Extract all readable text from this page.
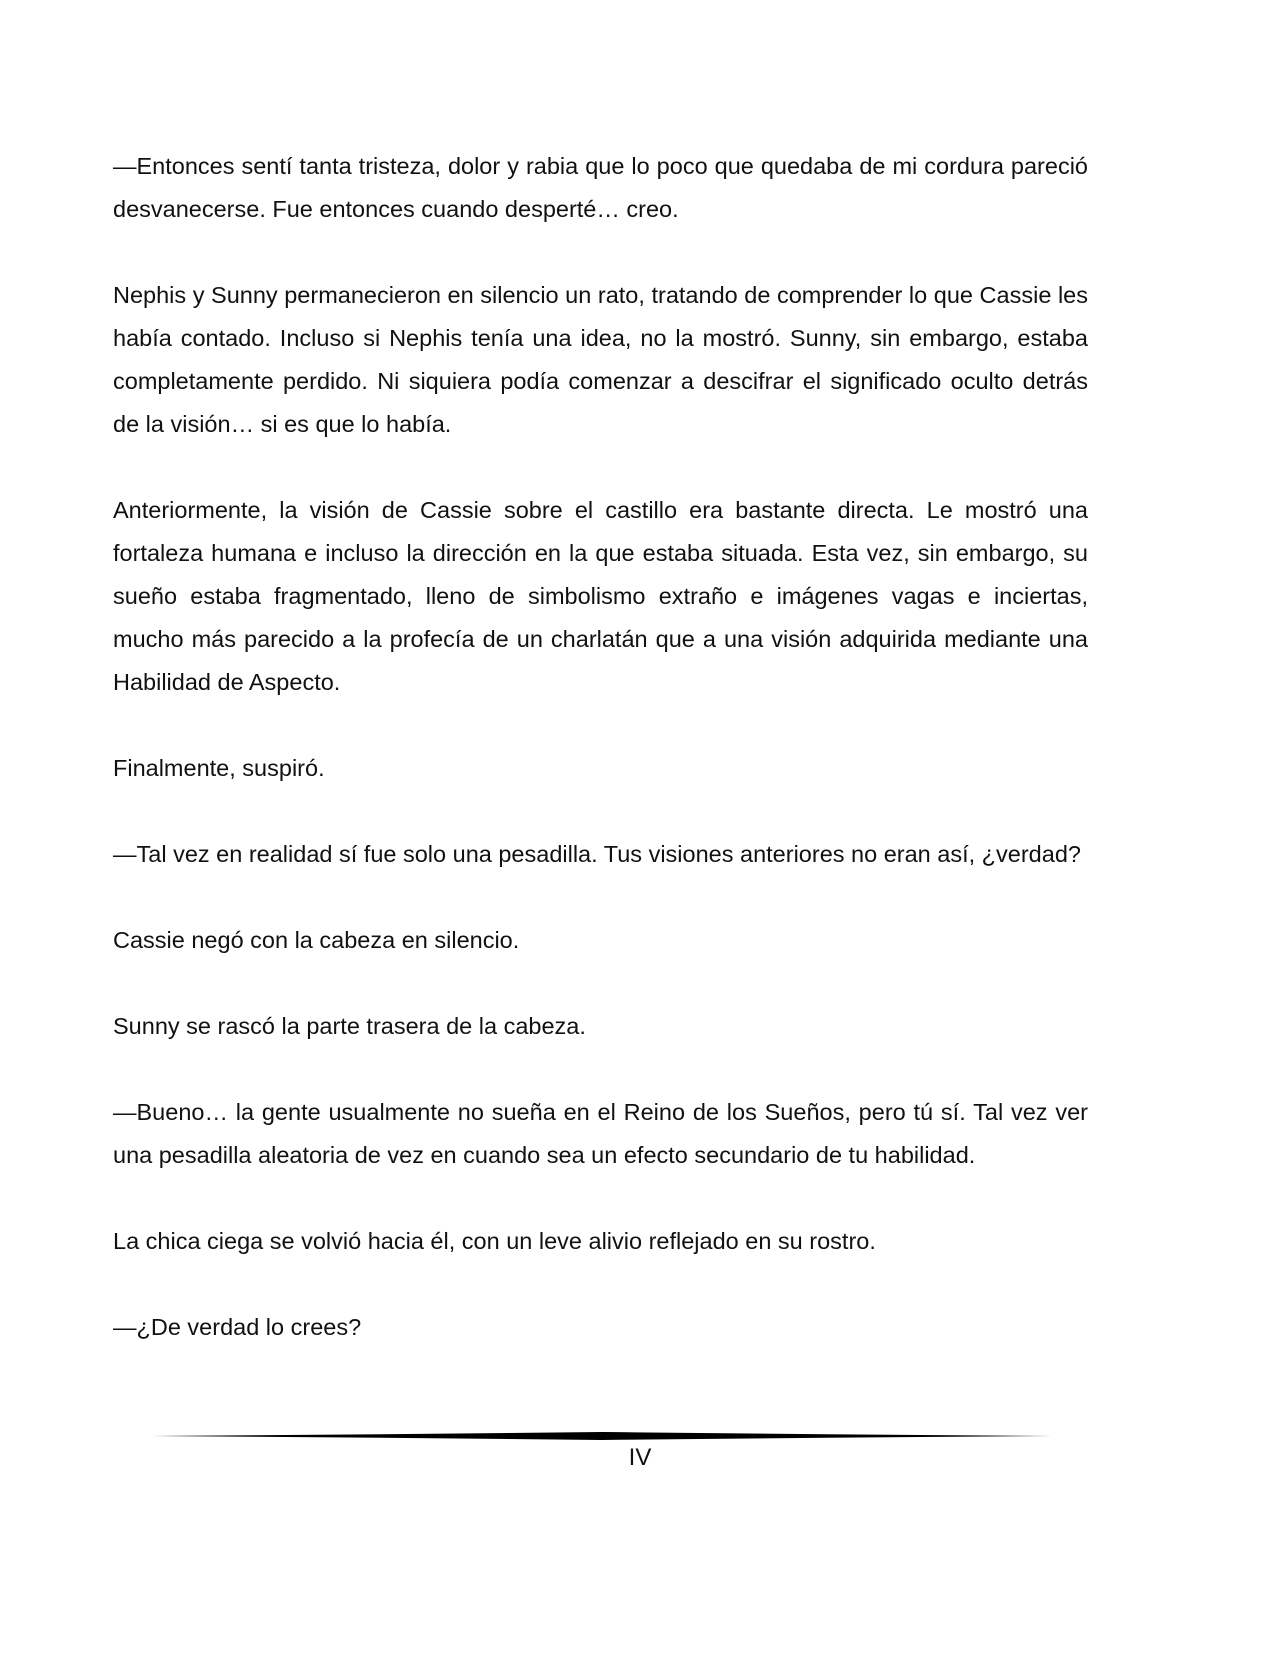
—Entonces sentí tanta tristeza, dolor y rabia que lo poco que quedaba de mi cordura pareció desvanecerse. Fue entonces cuando desperté… creo.

Nephis y Sunny permanecieron en silencio un rato, tratando de comprender lo que Cassie les había contado. Incluso si Nephis tenía una idea, no la mostró. Sunny, sin embargo, estaba completamente perdido. Ni siquiera podía comenzar a descifrar el significado oculto detrás de la visión… si es que lo había.

Anteriormente, la visión de Cassie sobre el castillo era bastante directa. Le mostró una fortaleza humana e incluso la dirección en la que estaba situada. Esta vez, sin embargo, su sueño estaba fragmentado, lleno de simbolismo extraño e imágenes vagas e inciertas, mucho más parecido a la profecía de un charlatán que a una visión adquirida mediante una Habilidad de Aspecto.

Finalmente, suspiró.

—Tal vez en realidad sí fue solo una pesadilla. Tus visiones anteriores no eran así, ¿verdad?

Cassie negó con la cabeza en silencio.

Sunny se rascó la parte trasera de la cabeza.

—Bueno… la gente usualmente no sueña en el Reino de los Sueños, pero tú sí. Tal vez ver una pesadilla aleatoria de vez en cuando sea un efecto secundario de tu habilidad.

La chica ciega se volvió hacia él, con un leve alivio reflejado en su rostro.

—¿De verdad lo crees?

IV
